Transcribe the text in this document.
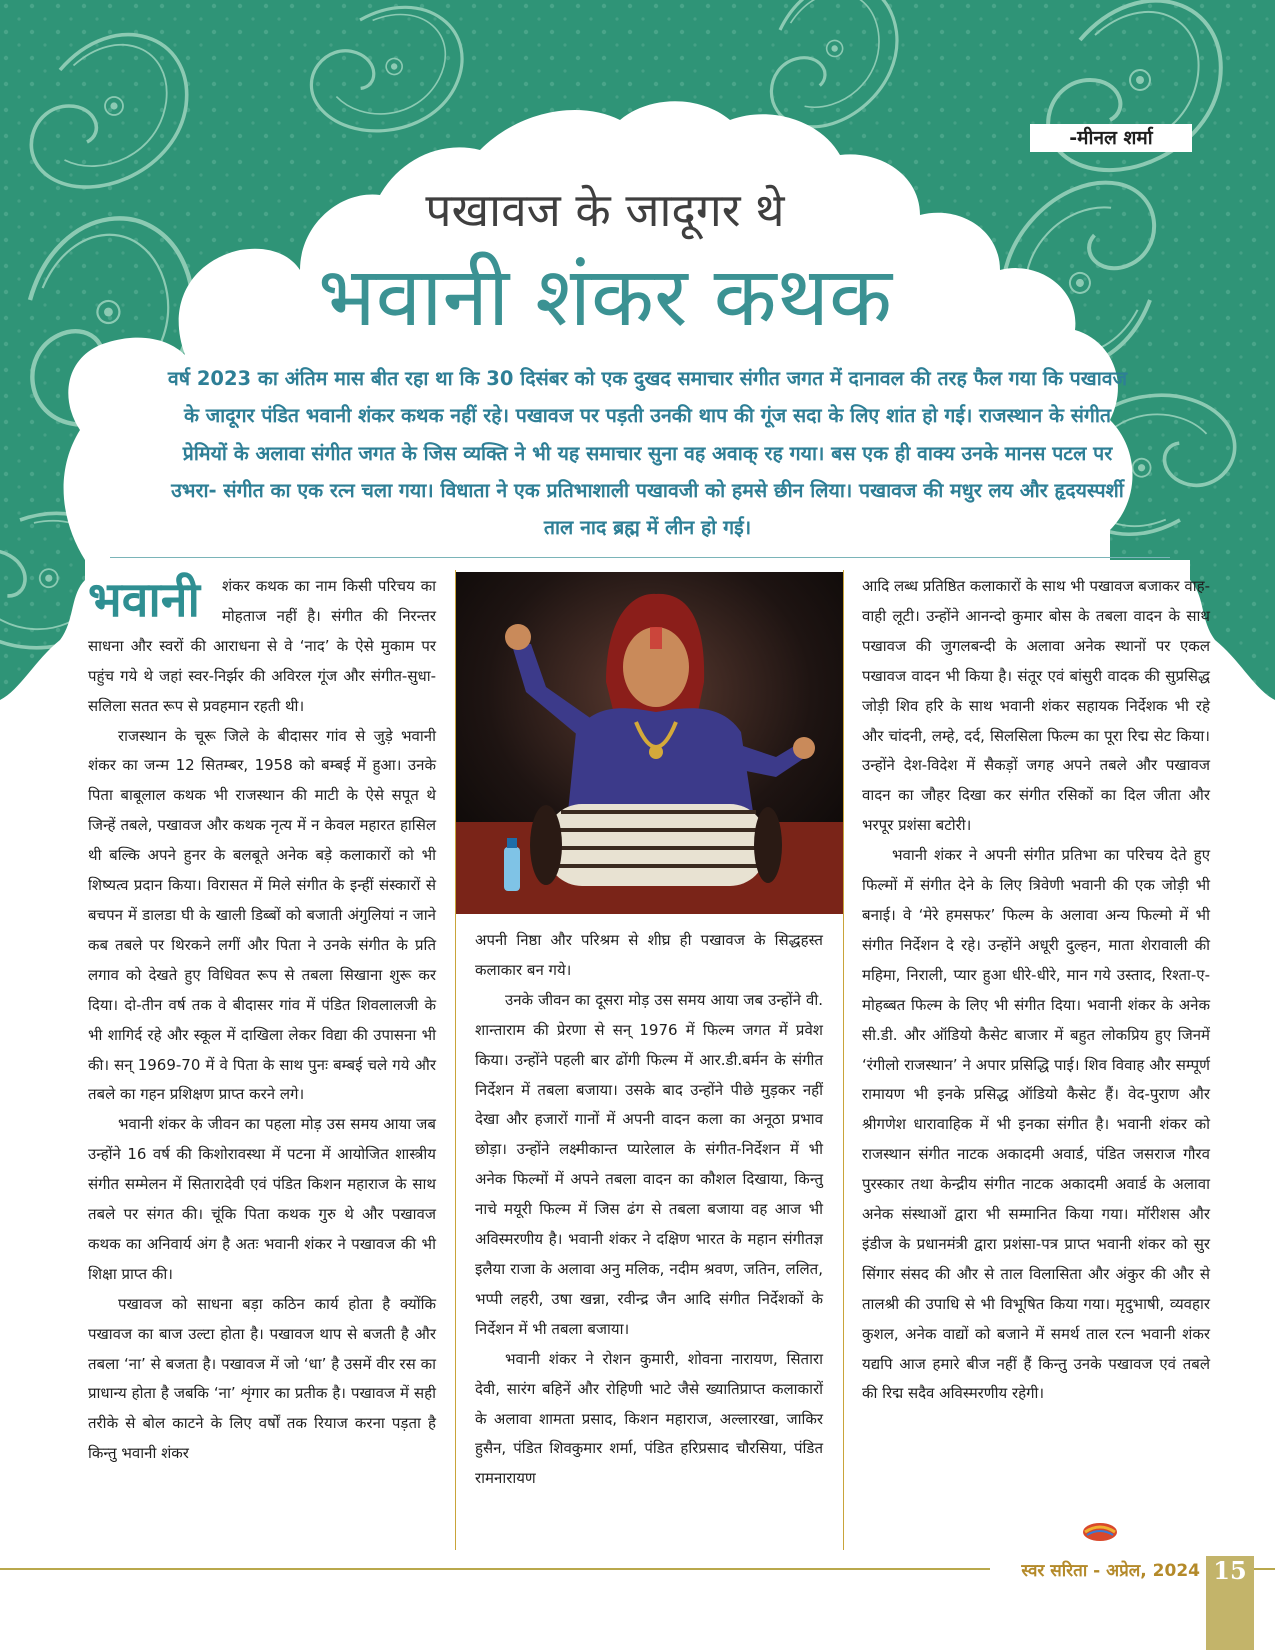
-मीनल शर्मा
पखावज के जादूगर थे
भवानी शंकर कथक

वर्ष 2023 का अंतिम मास बीत रहा था कि 30 दिसंबर को एक दुखद समाचार संगीत जगत में दानावल की तरह फैल गया कि पखावज के जादूगर पंडित भवानी शंकर कथक नहीं रहे। पखावज पर पड़ती उनकी थाप की गूंज सदा के लिए शांत हो गई। राजस्थान के संगीत प्रेमियों के अलावा संगीत जगत के जिस व्यक्ति ने भी यह समाचार सुना वह अवाक् रह गया। बस एक ही वाक्य उनके मानस पटल पर उभरा- संगीत का एक रत्न चला गया। विधाता ने एक प्रतिभाशाली पखावजी को हमसे छीन लिया। पखावज की मधुर लय और हृदयस्पर्शी ताल नाद ब्रह्म में लीन हो गई।

भवानी	शंकर कथक का नाम किसी परिचय का मोहताज नहीं है। संगीत की निरन्तर साधना और स्वरों की आराधना से वे ‘नाद’ के ऐसे मुकाम पर पहुंच गये थे जहां स्वर-निर्झर की अविरल गूंज और संगीत-सुधा-सलिला सतत रूप से प्रवहमान रहती थी।

राजस्थान के चूरू जिले के बीदासर गांव से जुड़े भवानी शंकर का जन्म 12 सितम्बर, 1958 को बम्बई में हुआ। उनके पिता बाबूलाल कथक भी राजस्थान की माटी के ऐसे सपूत थे जिन्हें तबले, पखावज और कथक नृत्य में न केवल महारत हासिल थी बल्कि अपने हुनर के बलबूते अनेक बड़े कलाकारों को भी शिष्यत्व प्रदान किया। विरासत में मिले संगीत के इन्हीं संस्कारों से बचपन में डालडा घी के खाली डिब्बों को बजाती अंगुलियां न जाने कब तबले पर थिरकने लगीं और पिता ने उनके संगीत के प्रति लगाव को देखते हुए विधिवत रूप से तबला सिखाना शुरू कर दिया। दो-तीन वर्ष तक वे बीदासर गांव में पंडित शिवलालजी के भी शागिर्द रहे और स्कूल में दाखिला लेकर विद्या की उपासना भी की। सन् 1969-70 में वे पिता के साथ पुनः बम्बई चले गये और तबले का गहन प्रशिक्षण प्राप्त करने लगे।

भवानी शंकर के जीवन का पहला मोड़ उस समय आया जब उन्होंने 16 वर्ष की किशोरावस्था में पटना में आयोजित शास्त्रीय संगीत सम्मेलन में सितारादेवी एवं पंडित किशन महाराज के साथ तबले पर संगत की। चूंकि पिता कथक गुरु थे और पखावज कथक का अनिवार्य अंग है अतः भवानी शंकर ने पखावज की भी शिक्षा प्राप्त की।

पखावज को साधना बड़ा कठिन कार्य होता है क्योंकि पखावज का बाज उल्टा होता है। पखावज थाप से बजती है और तबला ‘ना’ से बजता है। पखावज में जो ‘धा’ है उसमें वीर रस का प्राधान्य होता है जबकि ‘ना’ शृंगार का प्रतीक है। पखावज में सही तरीके से बोल काटने के लिए वर्षों तक रियाज करना पड़ता है किन्तु भवानी शंकर

अपनी निष्ठा और परिश्रम से शीघ्र ही पखावज के सिद्धहस्त कलाकार बन गये।

उनके जीवन का दूसरा मोड़ उस समय आया जब उन्होंने वी. शान्ताराम की प्रेरणा से सन् 1976 में फिल्म जगत में प्रवेश किया। उन्होंने पहली बार ढोंगी फिल्म में आर.डी.बर्मन के संगीत निर्देशन में तबला बजाया। उसके बाद उन्होंने पीछे मुड़कर नहीं देखा और हजारों गानों में अपनी वादन कला का अनूठा प्रभाव छोड़ा। उन्होंने लक्ष्मीकान्त प्यारेलाल के संगीत-निर्देशन में भी अनेक फिल्मों में अपने तबला वादन का कौशल दिखाया, किन्तु नाचे मयूरी फिल्म में जिस ढंग से तबला बजाया वह आज भी अविस्मरणीय है। भवानी शंकर ने दक्षिण भारत के महान संगीतज्ञ इलैया राजा के अलावा अनु मलिक, नदीम श्रवण, जतिन, ललित, भप्पी लहरी, उषा खन्ना, रवीन्द्र जैन आदि संगीत निर्देशकों के निर्देशन में भी तबला बजाया।

भवानी शंकर ने रोशन कुमारी, शोवना नारायण, सितारा देवी, सारंग बहिनें और रोहिणी भाटे जैसे ख्यातिप्राप्त कलाकारों के अलावा शामता प्रसाद, किशन महाराज, अल्लारखा, जाकिर हुसैन, पंडित शिवकुमार शर्मा, पंडित हरिप्रसाद चौरसिया, पंडित रामनारायण

आदि लब्ध प्रतिष्ठित कलाकारों के साथ भी पखावज बजाकर वाह-वाही लूटी। उन्होंने आनन्दो कुमार बोस के तबला वादन के साथ पखावज की जुगलबन्दी के अलावा अनेक स्थानों पर एकल पखावज वादन भी किया है। संतूर एवं बांसुरी वादक की सुप्रसिद्ध जोड़ी शिव हरि के साथ भवानी शंकर सहायक निर्देशक भी रहे और चांदनी, लम्हे, दर्द, सिलसिला फिल्म का पूरा रिद्म सेट किया। उन्होंने देश-विदेश में सैकड़ों जगह अपने तबले और पखावज वादन का जौहर दिखा कर संगीत रसिकों का दिल जीता और भरपूर प्रशंसा बटोरी।

भवानी शंकर ने अपनी संगीत प्रतिभा का परिचय देते हुए फिल्मों में संगीत देने के लिए त्रिवेणी भवानी की एक जोड़ी भी बनाई। वे ‘मेरे हमसफर’ फिल्म के अलावा अन्य फिल्मो में भी संगीत निर्देशन दे रहे। उन्होंने अधूरी दुल्हन, माता शेरावाली की महिमा, निराली, प्यार हुआ धीरे-धीरे, मान गये उस्ताद, रिश्ता-ए-मोहब्बत फिल्म के लिए भी संगीत दिया। भवानी शंकर के अनेक सी.डी. और ऑडियो कैसेट बाजार में बहुत लोकप्रिय हुए जिनमें ‘रंगीलो राजस्थान’ ने अपार प्रसिद्धि पाई। शिव विवाह और सम्पूर्ण रामायण भी इनके प्रसिद्ध ऑडियो कैसेट हैं। वेद-पुराण और श्रीगणेश धारावाहिक में भी इनका संगीत है। भवानी शंकर को राजस्थान संगीत नाटक अकादमी अवार्ड, पंडित जसराज गौरव पुरस्कार तथा केन्द्रीय संगीत नाटक अकादमी अवार्ड के अलावा अनेक संस्थाओं द्वारा भी सम्मानित किया गया। मॉरीशस और इंडीज के प्रधानमंत्री द्वारा प्रशंसा-पत्र प्राप्त भवानी शंकर को सुर सिंगार संसद की और से ताल विलासिता और अंकुर की और से तालश्री की उपाधि से भी विभूषित किया गया। मृदुभाषी, व्यवहार कुशल, अनेक वाद्यों को बजाने में समर्थ ताल रत्न भवानी शंकर यद्यपि आज हमारे बीज नहीं हैं किन्तु उनके पखावज एवं तबले की रिद्म सदैव अविस्मरणीय रहेगी।

स्वर सरिता - अप्रेल, 2024 15
